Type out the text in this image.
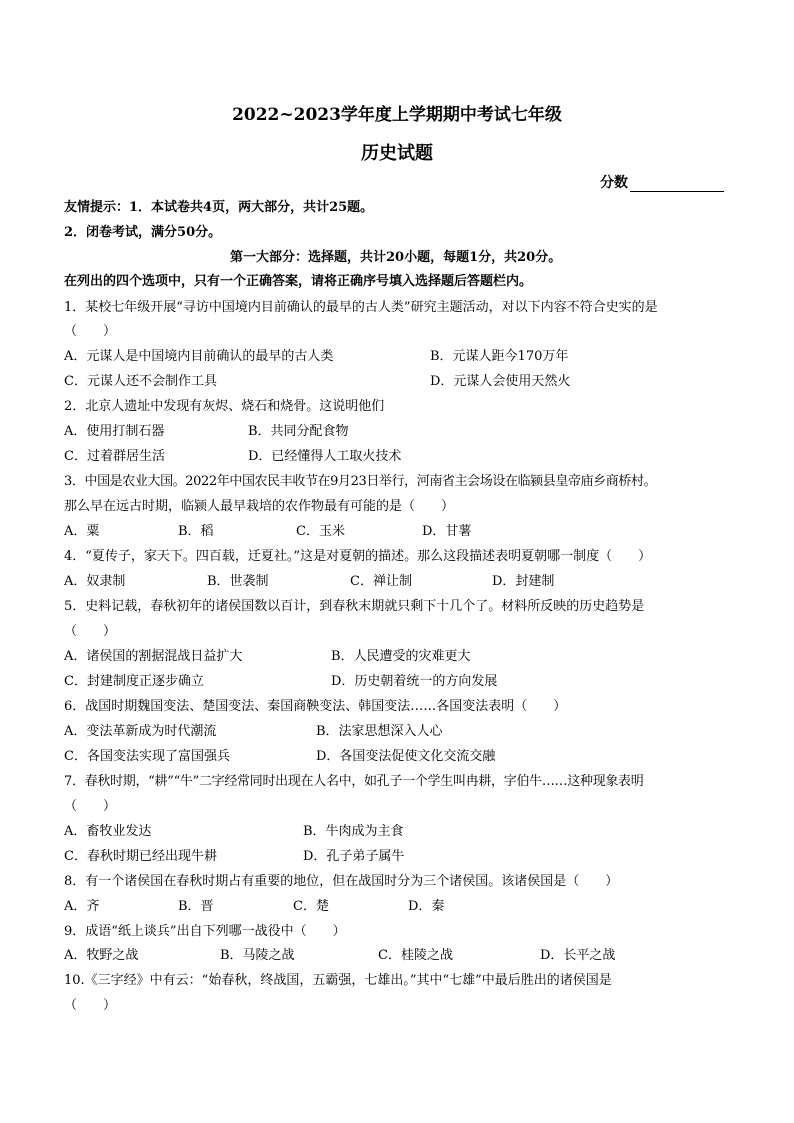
2022~2023学年度上学期期中考试七年级
历史试题
分数
友情提示：1．本试卷共4页，两大部分，共计25题。
2．闭卷考试，满分50分。
第一大部分：选择题，共计20小题，每题1分，共20分。
在列出的四个选项中，只有一个正确答案，请将正确序号填入选择题后答题栏内。
1．某校七年级开展“寻访中国境内目前确认的最早的古人类”研究主题活动，对以下内容不符合史实的是
（　　）
A．元谋人是中国境内目前确认的最早的古人类	B．元谋人距今170万年
C．元谋人还不会制作工具	D．元谋人会使用天然火
2．北京人遗址中发现有灰烬、烧石和烧骨。这说明他们
A．使用打制石器	B．共同分配食物
C．过着群居生活	D．已经懂得人工取火技术
3．中国是农业大国。2022年中国农民丰收节在9月23日举行，河南省主会场设在临颍县皇帝庙乡商桥村。
那么早在远古时期，临颍人最早栽培的农作物最有可能的是（　　）
A．粟	B．稻	C．玉米	D．甘薯
4．“夏传子，家天下。四百载，迁夏社。”这是对夏朝的描述。那么这段描述表明夏朝哪一制度（　　）
A．奴隶制	B．世袭制	C．禅让制	D．封建制
5．史料记载，春秋初年的诸侯国数以百计，到春秋末期就只剩下十几个了。材料所反映的历史趋势是
（　　）
A．诸侯国的割据混战日益扩大	B．人民遭受的灾难更大
C．封建制度正逐步确立	D．历史朝着统一的方向发展
6．战国时期魏国变法、楚国变法、秦国商鞅变法、韩国变法……各国变法表明（　　）
A．变法革新成为时代潮流	B．法家思想深入人心
C．各国变法实现了富国强兵	D．各国变法促使文化交流交融
7．春秋时期，“耕”“牛”二字经常同时出现在人名中，如孔子一个学生叫冉耕，字伯牛……这种现象表明
（　　）
A．畜牧业发达	B．牛肉成为主食
C．春秋时期已经出现牛耕	D．孔子弟子属牛
8．有一个诸侯国在春秋时期占有重要的地位，但在战国时分为三个诸侯国。该诸侯国是（　　）
A．齐	B．晋	C．楚	D．秦
9．成语“纸上谈兵”出自下列哪一战役中（　　）
A．牧野之战	B．马陵之战	C．桂陵之战	D．长平之战
10.《三字经》中有云：“始春秋，终战国，五霸强，七雄出。”其中“七雄”中最后胜出的诸侯国是
（　　）
